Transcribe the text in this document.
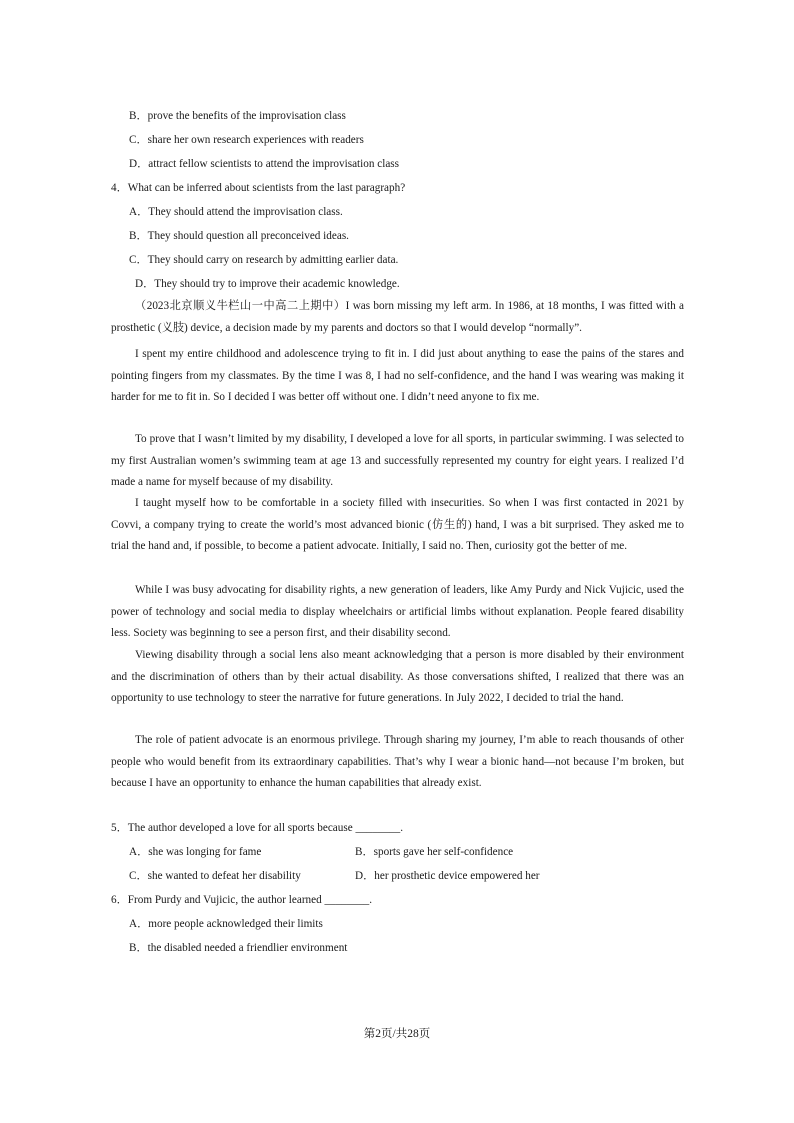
B．prove the benefits of the improvisation class
C．share her own research experiences with readers
D．attract fellow scientists to attend the improvisation class
4．What can be inferred about scientists from the last paragraph?
A．They should attend the improvisation class.
B．They should question all preconceived ideas.
C．They should carry on research by admitting earlier data.
D．They should try to improve their academic knowledge.
（2023北京顺义牛栏山一中高二上期中）I was born missing my left arm. In 1986, at 18 months, I was fitted with a prosthetic (义肢) device, a decision made by my parents and doctors so that I would develop “normally”.
I spent my entire childhood and adolescence trying to fit in. I did just about anything to ease the pains of the stares and pointing fingers from my classmates. By the time I was 8, I had no self-confidence, and the hand I was wearing was making it harder for me to fit in. So I decided I was better off without one. I didn’t need anyone to fix me.
To prove that I wasn’t limited by my disability, I developed a love for all sports, in particular swimming. I was selected to my first Australian women’s swimming team at age 13 and successfully represented my country for eight years. I realized I’d made a name for myself because of my disability.
I taught myself how to be comfortable in a society filled with insecurities. So when I was first contacted in 2021 by Covvi, a company trying to create the world’s most advanced bionic (仿生的) hand, I was a bit surprised. They asked me to trial the hand and, if possible, to become a patient advocate. Initially, I said no. Then, curiosity got the better of me.
While I was busy advocating for disability rights, a new generation of leaders, like Amy Purdy and Nick Vujicic, used the power of technology and social media to display wheelchairs or artificial limbs without explanation. People feared disability less. Society was beginning to see a person first, and their disability second.
Viewing disability through a social lens also meant acknowledging that a person is more disabled by their environment and the discrimination of others than by their actual disability. As those conversations shifted, I realized that there was an opportunity to use technology to steer the narrative for future generations. In July 2022, I decided to trial the hand.
The role of patient advocate is an enormous privilege. Through sharing my journey, I’m able to reach thousands of other people who would benefit from its extraordinary capabilities. That’s why I wear a bionic hand—not because I’m broken, but because I have an opportunity to enhance the human capabilities that already exist.
5．The author developed a love for all sports because ________.
A．she was longing for fame	B．sports gave her self-confidence
C．she wanted to defeat her disability	D．her prosthetic device empowered her
6．From Purdy and Vujicic, the author learned ________.
A．more people acknowledged their limits
B．the disabled needed a friendlier environment
第2页/共28页
